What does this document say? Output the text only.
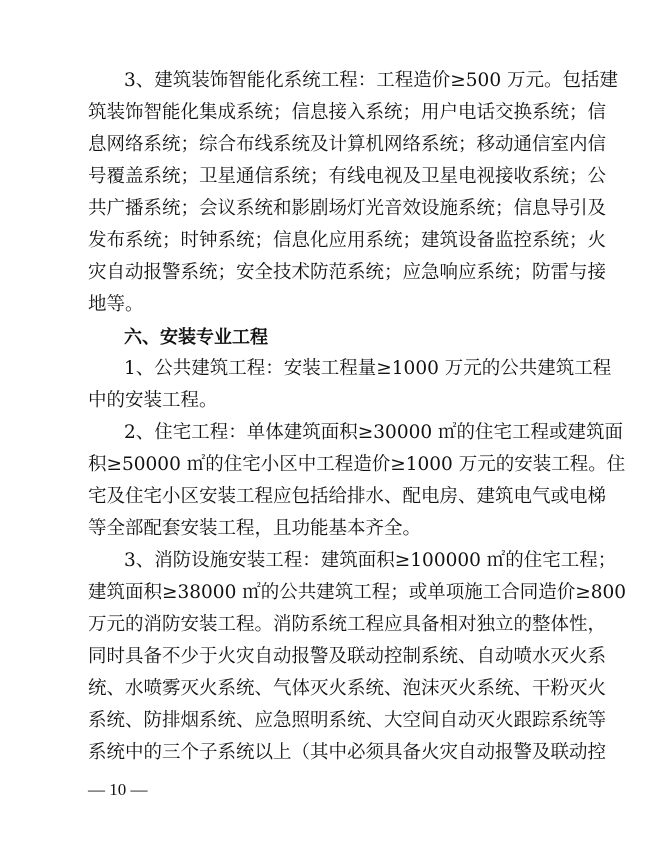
3、建筑装饰智能化系统工程：工程造价≥500 万元。包括建
筑装饰智能化集成系统；信息接入系统；用户电话交换系统；信
息网络系统；综合布线系统及计算机网络系统；移动通信室内信
号覆盖系统；卫星通信系统；有线电视及卫星电视接收系统；公
共广播系统；会议系统和影剧场灯光音效设施系统；信息导引及
发布系统；时钟系统；信息化应用系统；建筑设备监控系统；火
灾自动报警系统；安全技术防范系统；应急响应系统；防雷与接
地等。
六、安装专业工程
1、公共建筑工程：安装工程量≥1000 万元的公共建筑工程
中的安装工程。
2、住宅工程：单体建筑面积≥30000 ㎡的住宅工程或建筑面
积≥50000 ㎡的住宅小区中工程造价≥1000 万元的安装工程。住
宅及住宅小区安装工程应包括给排水、配电房、建筑电气或电梯
等全部配套安装工程，且功能基本齐全。
3、消防设施安装工程：建筑面积≥100000 ㎡的住宅工程；
建筑面积≥38000 ㎡的公共建筑工程；或单项施工合同造价≥800
万元的消防安装工程。消防系统工程应具备相对独立的整体性，
同时具备不少于火灾自动报警及联动控制系统、自动喷水灭火系
统、水喷雾灭火系统、气体灭火系统、泡沫灭火系统、干粉灭火
系统、防排烟系统、应急照明系统、大空间自动灭火跟踪系统等
系统中的三个子系统以上（其中必须具备火灾自动报警及联动控
— 10 —
